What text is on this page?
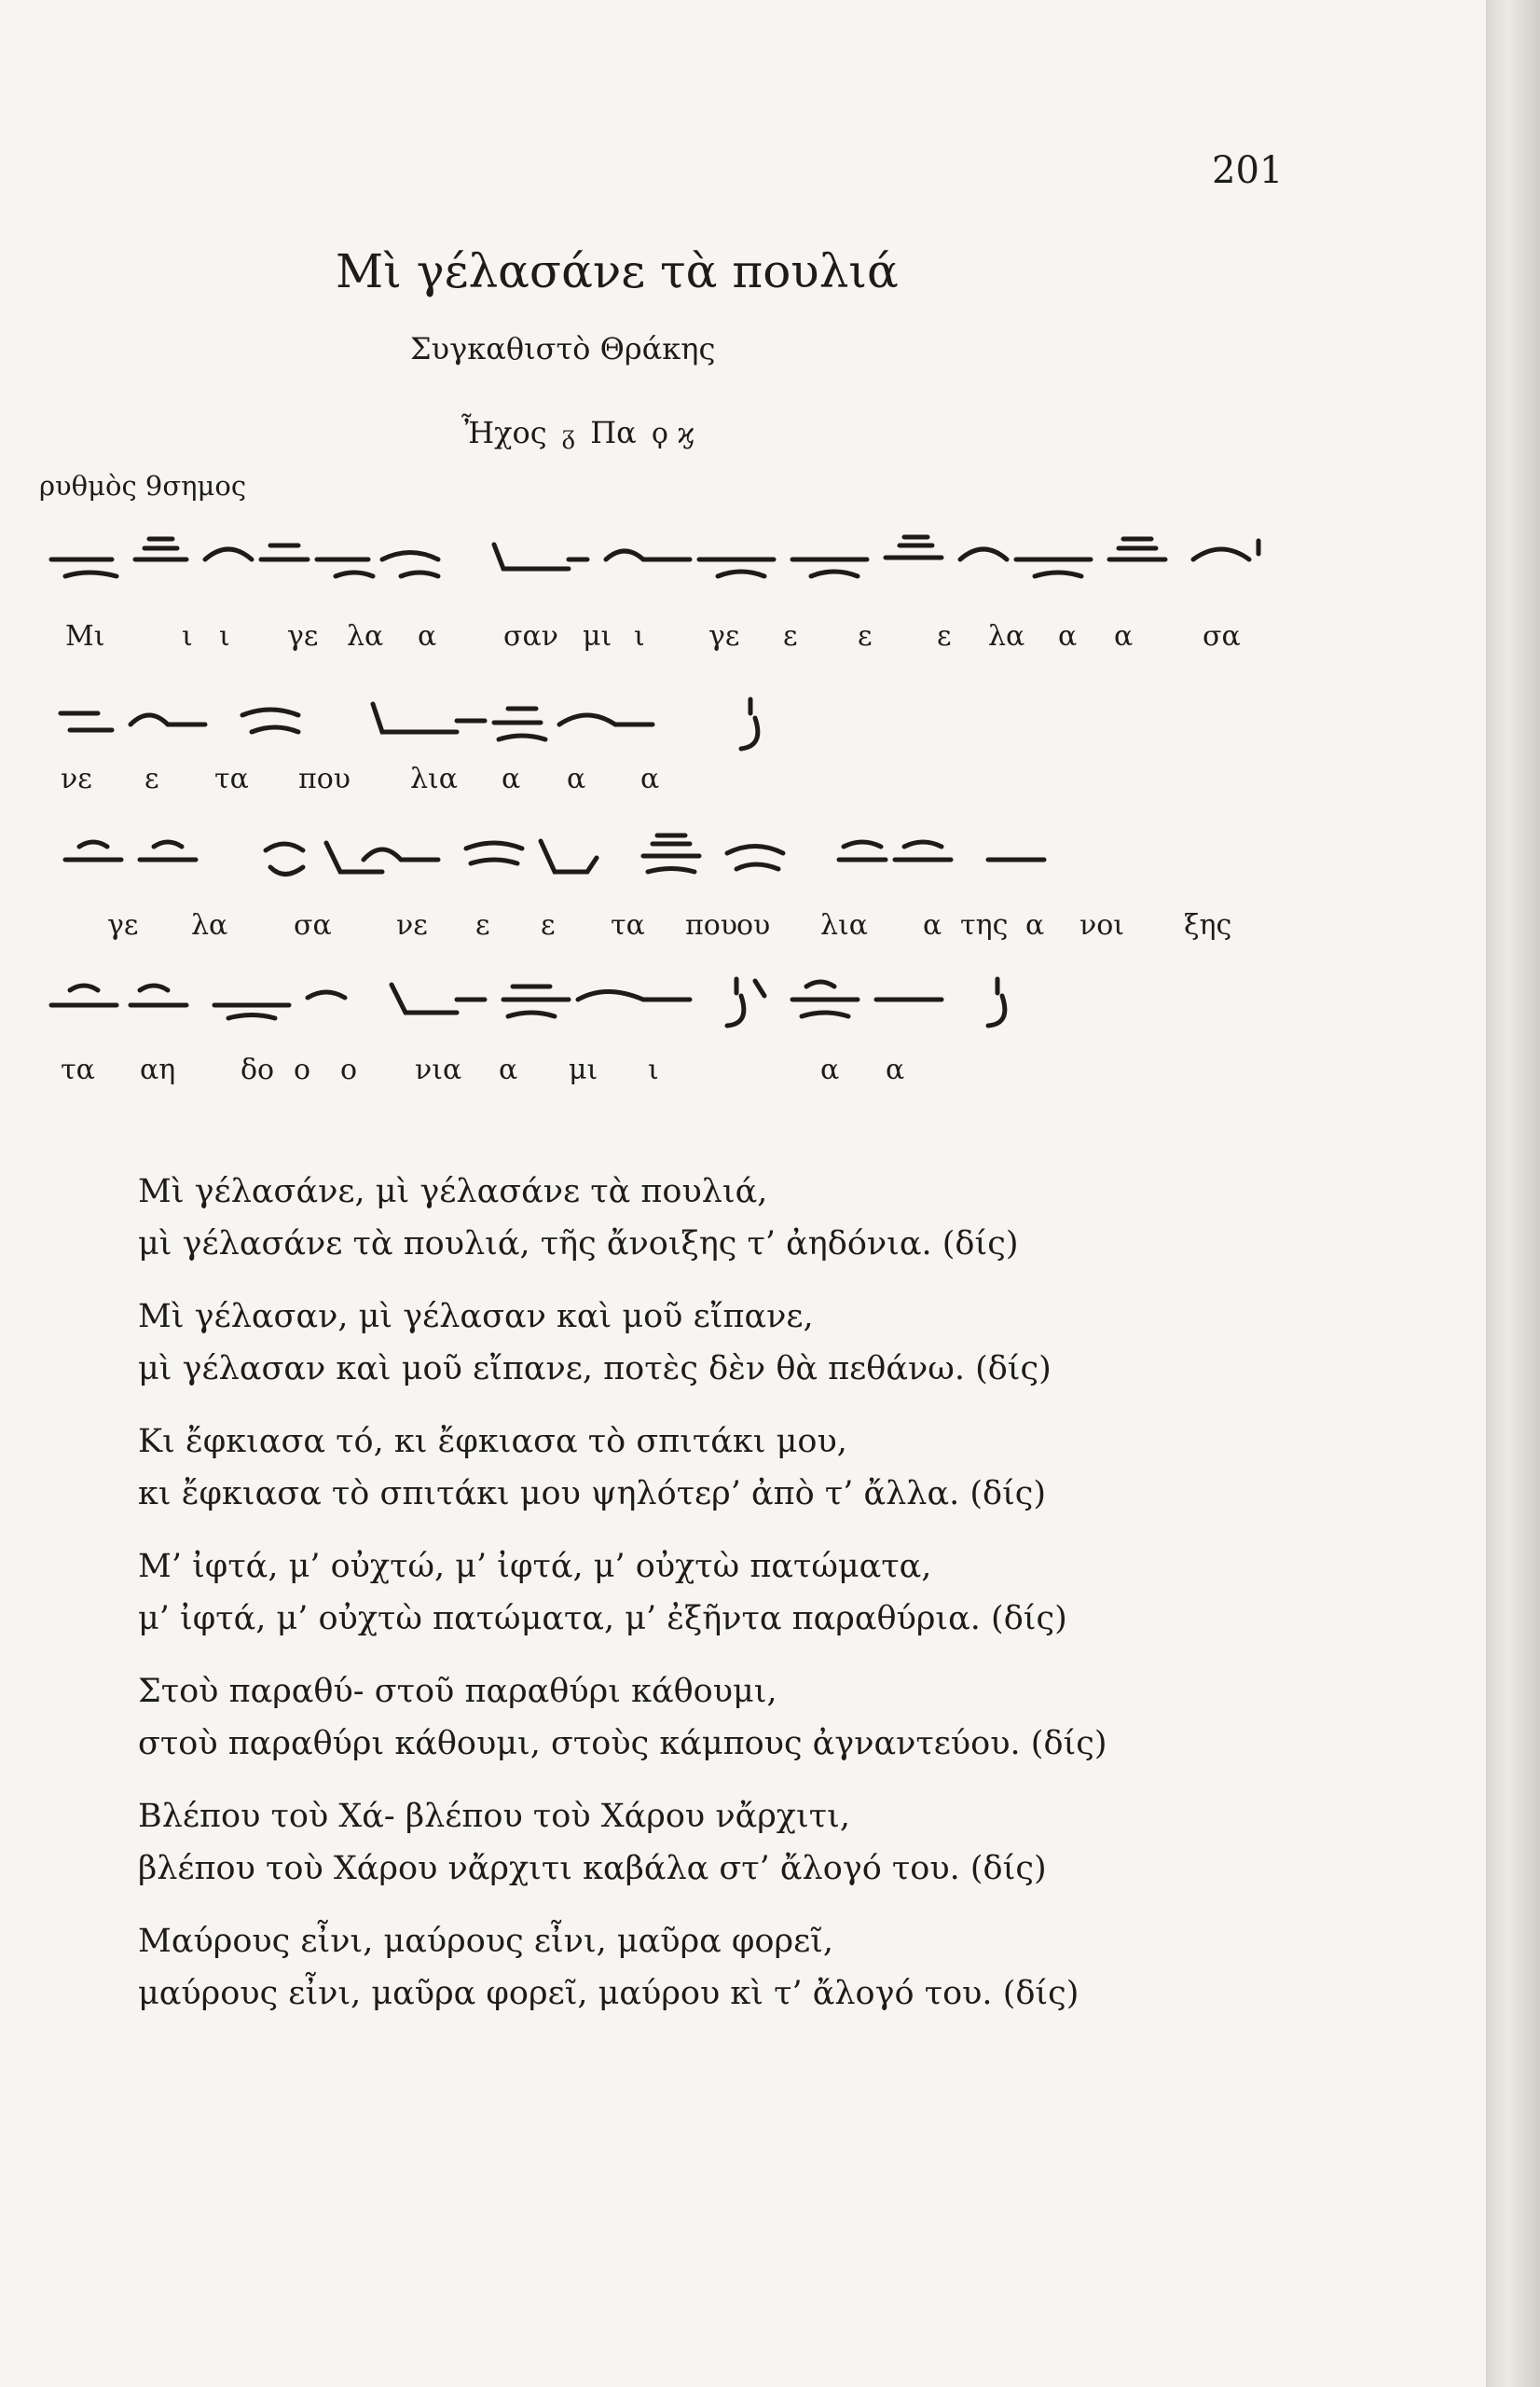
201
Μὶ γέλασάνε τὰ πουλιά
Συγκαθιστὸ Θράκης
Ἦχος ᵹ Πα ϙ ϗ
ρυθμὸς 9σημος
Μι	ι ι γε λα α σαν μι ι γε ε ε ε λα α α σα
νε ε τα που λια α α α
γε λα σα νε ε ε τα που
ου λια α της α νοι ξης
τα αη δο ο ο νια α μι ι	α α
Μὶ γέλασάνε, μὶ γέλασάνε τὰ πουλιά,
μὶ γέλασάνε τὰ πουλιά, τῆς ἄνοιξης τ’ ἀηδόνια. (δίς)
Μὶ γέλασαν, μὶ γέλασαν καὶ μοῦ εἴπανε,
μὶ γέλασαν καὶ μοῦ εἴπανε, ποτὲς δὲν θὰ πεθάνω. (δίς)
Κι ἔφκιασα τό, κι ἔφκιασα τὸ σπιτάκι μου,
κι ἔφκιασα τὸ σπιτάκι μου ψηλότερ’ ἀπὸ τ’ ἄλλα. (δίς)
Μ’ ἰφτά, μ’ οὐχτώ, μ’ ἰφτά, μ’ οὐχτὼ πατώματα,
μ’ ἰφτά, μ’ οὐχτὼ πατώματα, μ’ ἐξῆντα παραθύρια. (δίς)
Στοὺ παραθύ- στοῦ παραθύρι κάθουμι,
στοὺ παραθύρι κάθουμι, στοὺς κάμπους ἀγναντεύου. (δίς)
Βλέπου τοὺ Χά- βλέπου τοὺ Χάρου νἄρχιτι,
βλέπου τοὺ Χάρου νἄρχιτι καβάλα στ’ ἄλογό του. (δίς)
Μαύρους εἶνι, μαύρους εἶνι, μαῦρα φορεῖ,
μαύρους εἶνι, μαῦρα φορεῖ, μαύρου κὶ τ’ ἄλογό του. (δίς)
